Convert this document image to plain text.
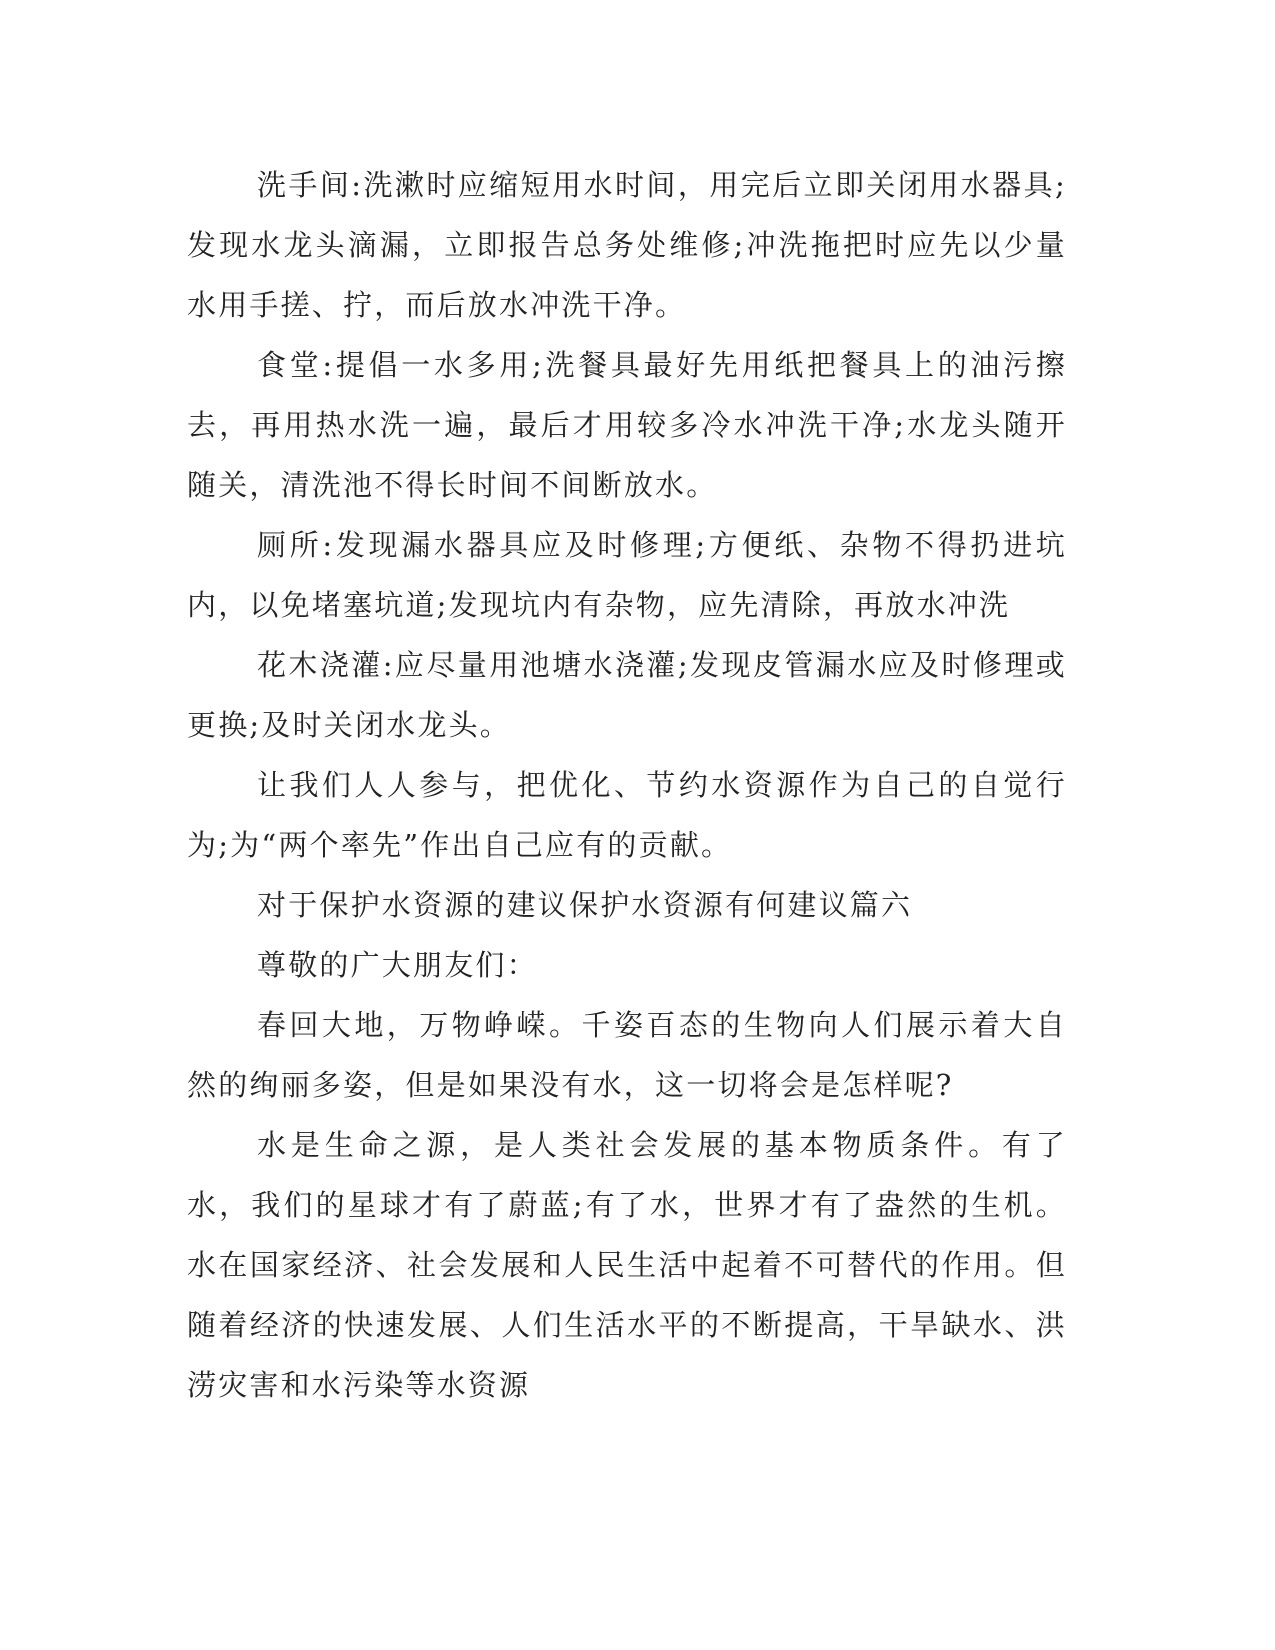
洗手间:洗漱时应缩短用水时间，用完后立即关闭用水器具;发现水龙头滴漏，立即报告总务处维修;冲洗拖把时应先以少量水用手搓、拧，而后放水冲洗干净。

食堂:提倡一水多用;洗餐具最好先用纸把餐具上的油污擦去，再用热水洗一遍，最后才用较多冷水冲洗干净;水龙头随开随关，清洗池不得长时间不间断放水。

厕所:发现漏水器具应及时修理;方便纸、杂物不得扔进坑内，以免堵塞坑道;发现坑内有杂物，应先清除，再放水冲洗

花木浇灌:应尽量用池塘水浇灌;发现皮管漏水应及时修理或更换;及时关闭水龙头。

让我们人人参与，把优化、节约水资源作为自己的自觉行为;为“两个率先”作出自己应有的贡献。

对于保护水资源的建议保护水资源有何建议篇六

尊敬的广大朋友们：

春回大地，万物峥嵘。千姿百态的生物向人们展示着大自然的绚丽多姿，但是如果没有水，这一切将会是怎样呢?

水是生命之源，是人类社会发展的基本物质条件。有了水，我们的星球才有了蔚蓝;有了水，世界才有了盎然的生机。水在国家经济、社会发展和人民生活中起着不可替代的作用。但随着经济的快速发展、人们生活水平的不断提高，干旱缺水、洪涝灾害和水污染等水资源
